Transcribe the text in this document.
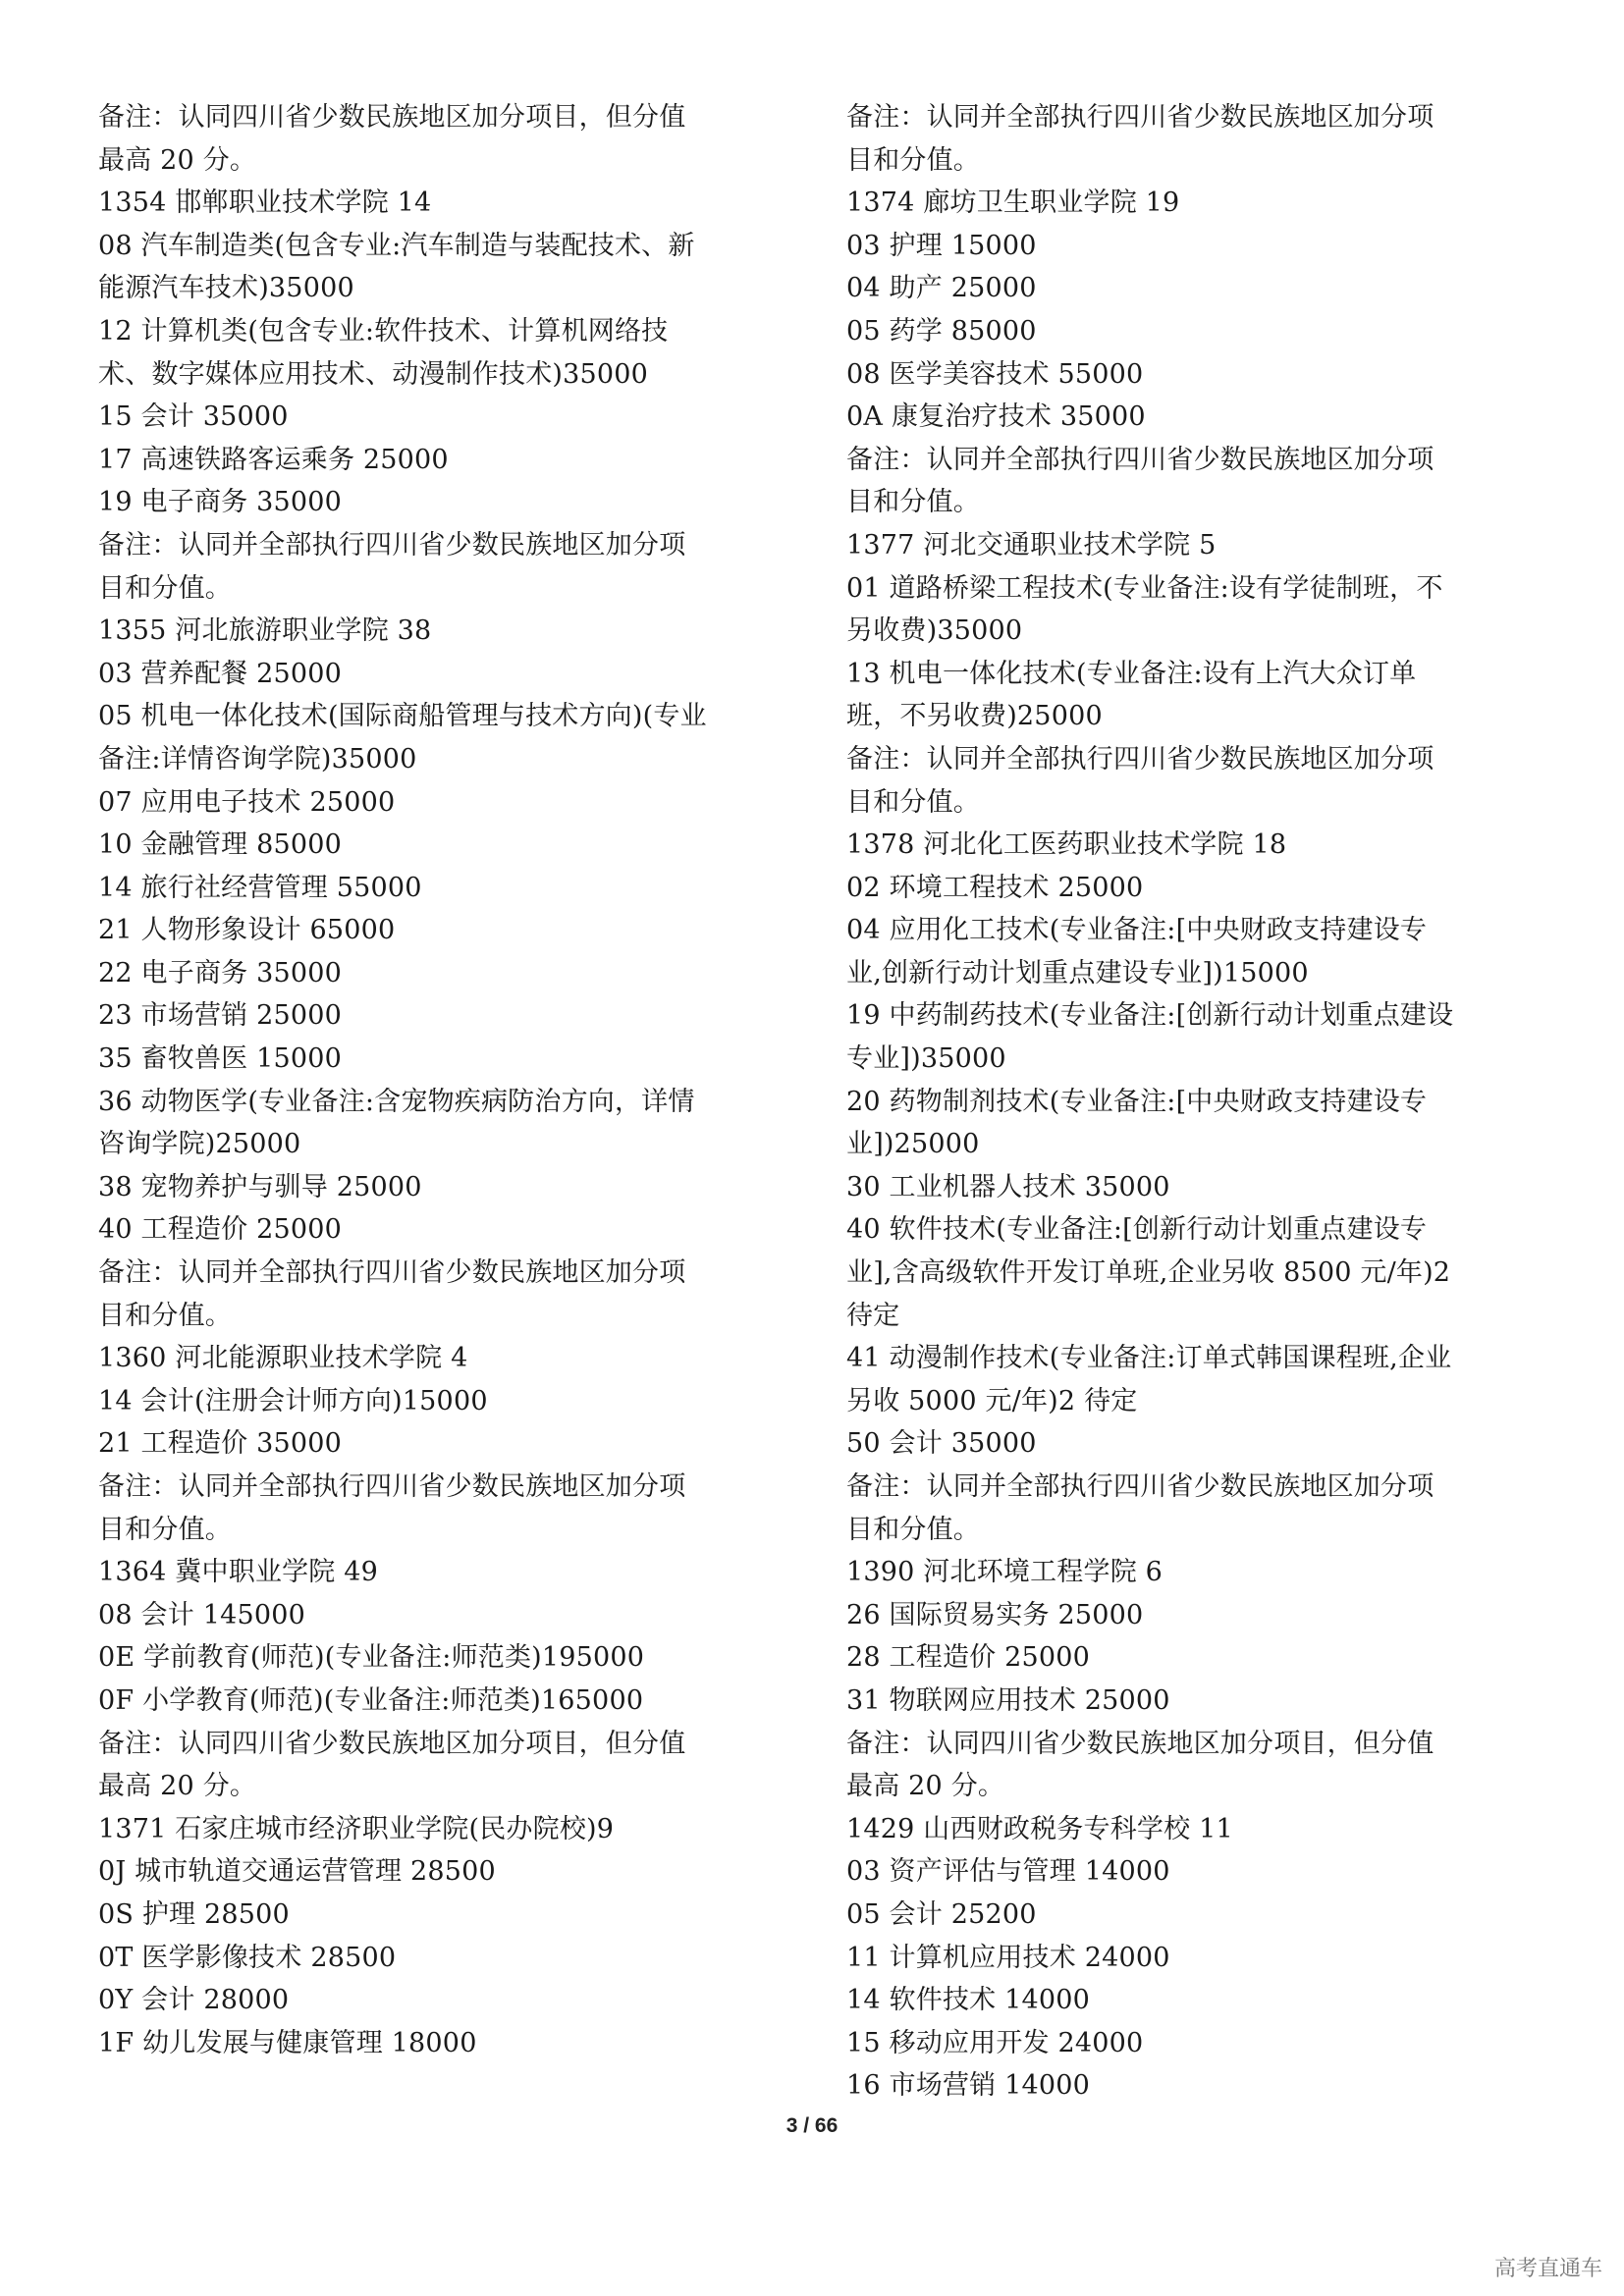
备注：认同四川省少数民族地区加分项目，但分值
最高 20 分。
1354 邯郸职业技术学院 14
08 汽车制造类(包含专业:汽车制造与装配技术、新
能源汽车技术)35000
12 计算机类(包含专业:软件技术、计算机网络技
术、数字媒体应用技术、动漫制作技术)35000
15 会计 35000
17 高速铁路客运乘务 25000
19 电子商务 35000
备注：认同并全部执行四川省少数民族地区加分项
目和分值。
1355 河北旅游职业学院 38
03 营养配餐 25000
05 机电一体化技术(国际商船管理与技术方向)(专业
备注:详情咨询学院)35000
07 应用电子技术 25000
10 金融管理 85000
14 旅行社经营管理 55000
21 人物形象设计 65000
22 电子商务 35000
23 市场营销 25000
35 畜牧兽医 15000
36 动物医学(专业备注:含宠物疾病防治方向，详情
咨询学院)25000
38 宠物养护与驯导 25000
40 工程造价 25000
备注：认同并全部执行四川省少数民族地区加分项
目和分值。
1360 河北能源职业技术学院 4
14 会计(注册会计师方向)15000
21 工程造价 35000
备注：认同并全部执行四川省少数民族地区加分项
目和分值。
1364 冀中职业学院 49
08 会计 145000
0E 学前教育(师范)(专业备注:师范类)195000
0F 小学教育(师范)(专业备注:师范类)165000
备注：认同四川省少数民族地区加分项目，但分值
最高 20 分。
1371 石家庄城市经济职业学院(民办院校)9
0J 城市轨道交通运营管理 28500
0S 护理 28500
0T 医学影像技术 28500
0Y 会计 28000
1F 幼儿发展与健康管理 18000
备注：认同并全部执行四川省少数民族地区加分项
目和分值。
1374 廊坊卫生职业学院 19
03 护理 15000
04 助产 25000
05 药学 85000
08 医学美容技术 55000
0A 康复治疗技术 35000
备注：认同并全部执行四川省少数民族地区加分项
目和分值。
1377 河北交通职业技术学院 5
01 道路桥梁工程技术(专业备注:设有学徒制班，不
另收费)35000
13 机电一体化技术(专业备注:设有上汽大众订单
班，不另收费)25000
备注：认同并全部执行四川省少数民族地区加分项
目和分值。
1378 河北化工医药职业技术学院 18
02 环境工程技术 25000
04 应用化工技术(专业备注:[中央财政支持建设专
业,创新行动计划重点建设专业])15000
19 中药制药技术(专业备注:[创新行动计划重点建设
专业])35000
20 药物制剂技术(专业备注:[中央财政支持建设专
业])25000
30 工业机器人技术 35000
40 软件技术(专业备注:[创新行动计划重点建设专
业],含高级软件开发订单班,企业另收 8500 元/年)2
待定
41 动漫制作技术(专业备注:订单式韩国课程班,企业
另收 5000 元/年)2 待定
50 会计 35000
备注：认同并全部执行四川省少数民族地区加分项
目和分值。
1390 河北环境工程学院 6
26 国际贸易实务 25000
28 工程造价 25000
31 物联网应用技术 25000
备注：认同四川省少数民族地区加分项目，但分值
最高 20 分。
1429 山西财政税务专科学校 11
03 资产评估与管理 14000
05 会计 25200
11 计算机应用技术 24000
14 软件技术 14000
15 移动应用开发 24000
16 市场营销 14000
3 / 66
高考直通车
